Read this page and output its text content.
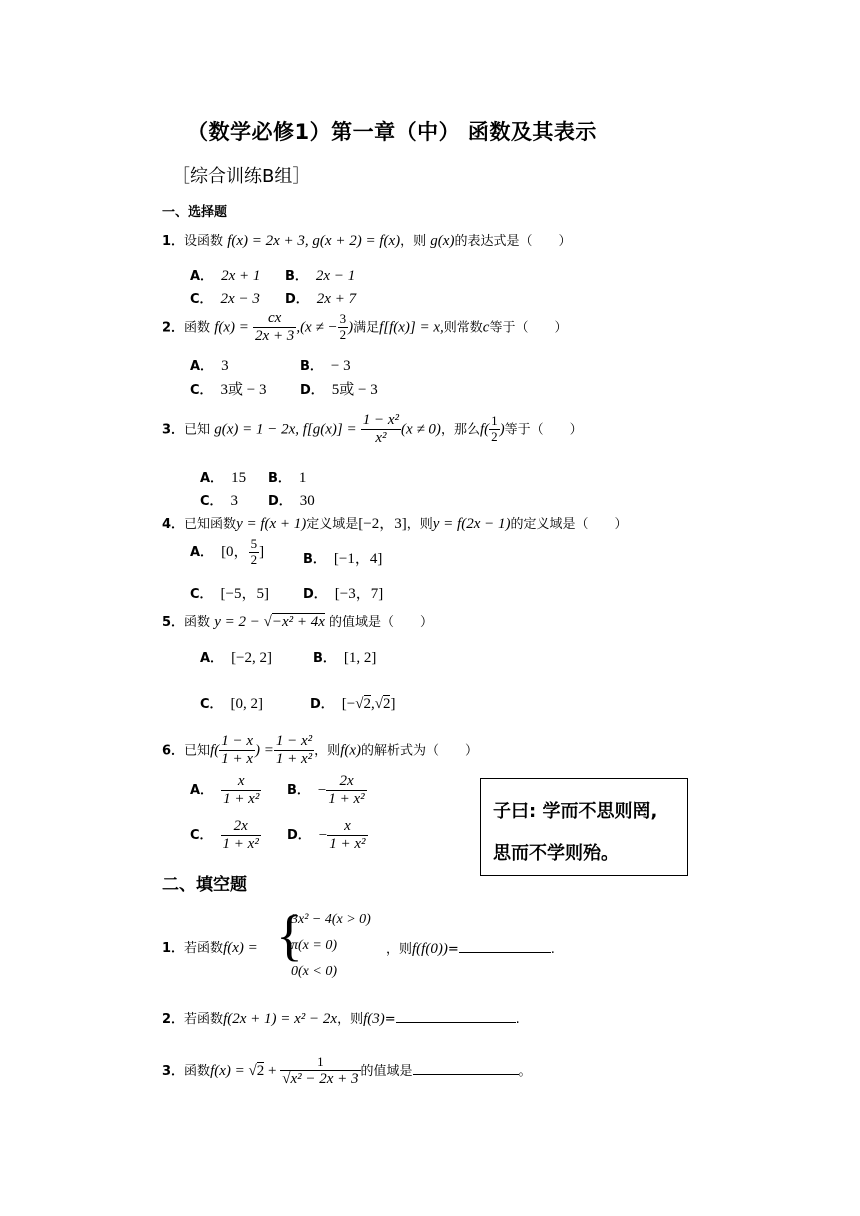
（数学必修1）第一章（中） 函数及其表示
［综合训练B组］
一、选择题
1．设函数 f(x) = 2x + 3, g(x + 2) = f(x)，则 g(x)的表达式是（　　）
A． 2x + 1 B． 2x − 1
C． 2x − 3 D． 2x + 7
2．函数 $f(x) = \frac{cx}{2x + 3} ,(x$ ≠ − $\frac{3}{2}$ )满足f[f(x)] = x,则常数c等于（　　）
A． 3	B． − 3
C． 3或 − 3	D． 5或 − 3
3．已知 g(x) = 1 − 2x, $f[g(x)] = \frac{\text{1 − x²}}{\text{x²}} (x \ne 0)$，那么$f( \frac{1}{2}$ )等于（　　）
A． 15 B． 1
C． 3 D． 30
4．已知函数y = f(x + 1)定义域是[−2，3]，则y = f(2x − 1)的定义域是（　　）
A． [0， $\frac{5}{2}$ ]	B． [−1，4]
C． [−5，5]	D． [−3，7]
5．函数 y = 2 − √−x² + 4x 的值域是（　　）
A． [−2, 2]	B． [1, 2]
C． [0, 2]	D． [−√2,√2]
6．已知$f( \frac{1 - x}{1 + x}$ ) = $\frac{\text{1 − x²}}{\text{1 + x²}}$ ，则f(x)的解析式为（　　）
A． $\frac{x}{\text{1 + x²}}$ B． − $\frac{2x}{\text{1 + x²}}$
C． $\frac{2x}{\text{1 + x²}}$ D． − $\frac{x}{\text{1 + x²}}$
子曰: 学而不思则罔,
思而不学则殆。
二、填空题
1．若函数f(x) = {
3x² − 4(x > 0)
π(x = 0)
0(x < 0)
，则f(f(0))=	.
2．若函数f(2x + 1) = x² − 2x，则f(3)=	.
3．函数$f(x) = √2 + \frac{1}{\text{√x² − 2x + 3}}$ 的值域是	。
